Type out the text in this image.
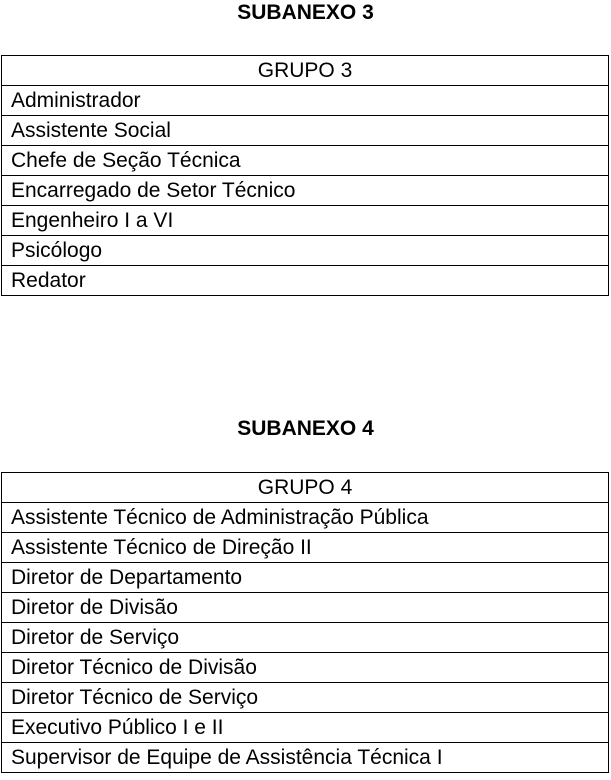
SUBANEXO 3
GRUPO 3
Administrador
Assistente Social
Chefe de Seção Técnica
Encarregado de Setor Técnico
Engenheiro I a VI
Psicólogo
Redator
SUBANEXO 4
GRUPO 4
Assistente Técnico de Administração Pública
Assistente Técnico de Direção II
Diretor de Departamento
Diretor de Divisão
Diretor de Serviço
Diretor Técnico de Divisão
Diretor Técnico de Serviço
Executivo Público I e II
Supervisor de Equipe de Assistência Técnica I
